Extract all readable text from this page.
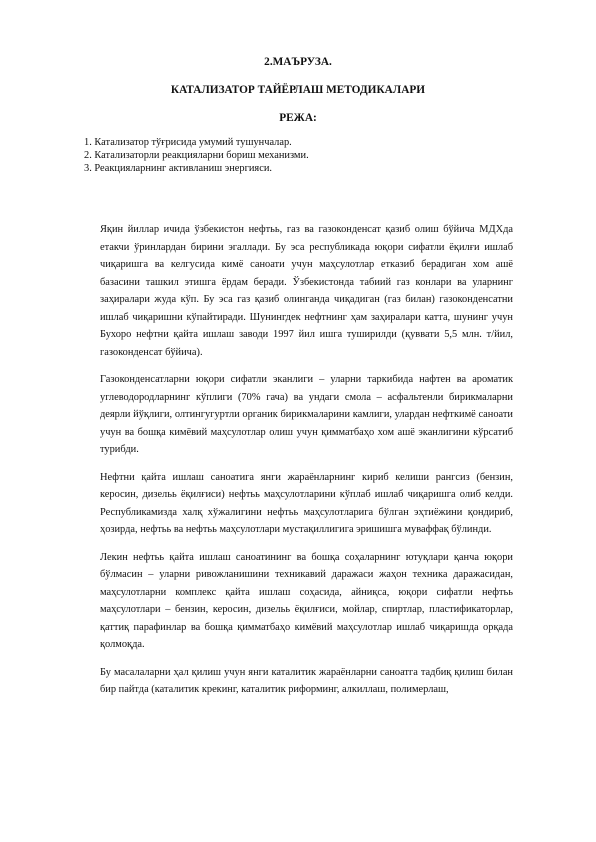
2.МАЪРУЗА.
КАТАЛИЗАТОР ТАЙЁРЛАШ МЕТОДИКАЛАРИ
РЕЖА:
1. Катализатор тўғрисида умумий тушунчалар.
2. Катализаторли реакцияларни бориш механизми.
3. Реакцияларнинг активланиш энергияси.

Яқин йиллар ичида ўзбекистон нефтьь, газ ва газоконденсат қазиб олиш бўйича МДХда етакчи ўринлардан бирини эгаллади. Бу эса республикада юқори сифатли ёқилғи ишлаб чиқаришга ва келгусида кимё саноати учун маҳсулотлар етказиб берадиган хом ашё базасини ташкил этишга ёрдам беради. Ўзбекистонда табиий газ конлари ва уларнинг заҳиралари жуда кўп. Бу эса газ қазиб олинганда чиқадиган (газ билан) газоконденсатни ишлаб чиқаришни кўпайтиради. Шунингдек нефтнинг ҳам заҳиралари катта, шунинг учун Бухоро нефтни қайта ишлаш заводи 1997 йил ишга туширилди (қуввати 5,5 млн. т/йил, газоконденсат бўйича).

Газоконденсатларни юқори сифатли эканлиги – уларни таркибида нафтен ва ароматик углеводородларнинг кўплиги (70% гача) ва ундаги смола – асфальтенли бирикмаларни деярли йўқлиги, олтингугуртли органик бирикмаларини камлиги, улардан нефткимё саноати учун ва бошқа кимёвий маҳсулотлар олиш учун қимматбаҳо хом ашё эканлигини кўрсатиб турибди.

Нефтни қайта ишлаш саноатига янги жараёнларнинг кириб келиши рангсиз (бензин, керосин, дизельь ёқилғиси) нефтьь маҳсулотларини кўплаб ишлаб чиқаришга олиб келди. Республикамизда халқ хўжалигини нефтьь маҳсулотларига бўлган эҳтиёжини қондириб, ҳозирда, нефтьь ва нефтьь маҳсулотлари мустақиллигига эришишга муваффақ бўлинди.

Лекин нефтьь қайта ишлаш саноатининг ва бошқа соҳаларнинг ютуқлари қанча юқори бўлмасин – уларни ривожланишини техникавий даражаси жаҳон техника даражасидан, маҳсулотларни комплекс қайта ишлаш соҳасида, айниқса, юқори сифатли нефтьь маҳсулотлари – бензин, керосин, дизельь ёқилғиси, мойлар, спиртлар, пластификаторлар, қаттиқ парафинлар ва бошқа қимматбаҳо кимёвий маҳсулотлар ишлаб чиқаришда орқада қолмоқда.

Бу масалаларни ҳал қилиш учун янги каталитик жараёнларни саноатга тадбиқ қилиш билан бир пайтда (каталитик крекинг, каталитик риформинг, алкиллаш, полимерлаш,
